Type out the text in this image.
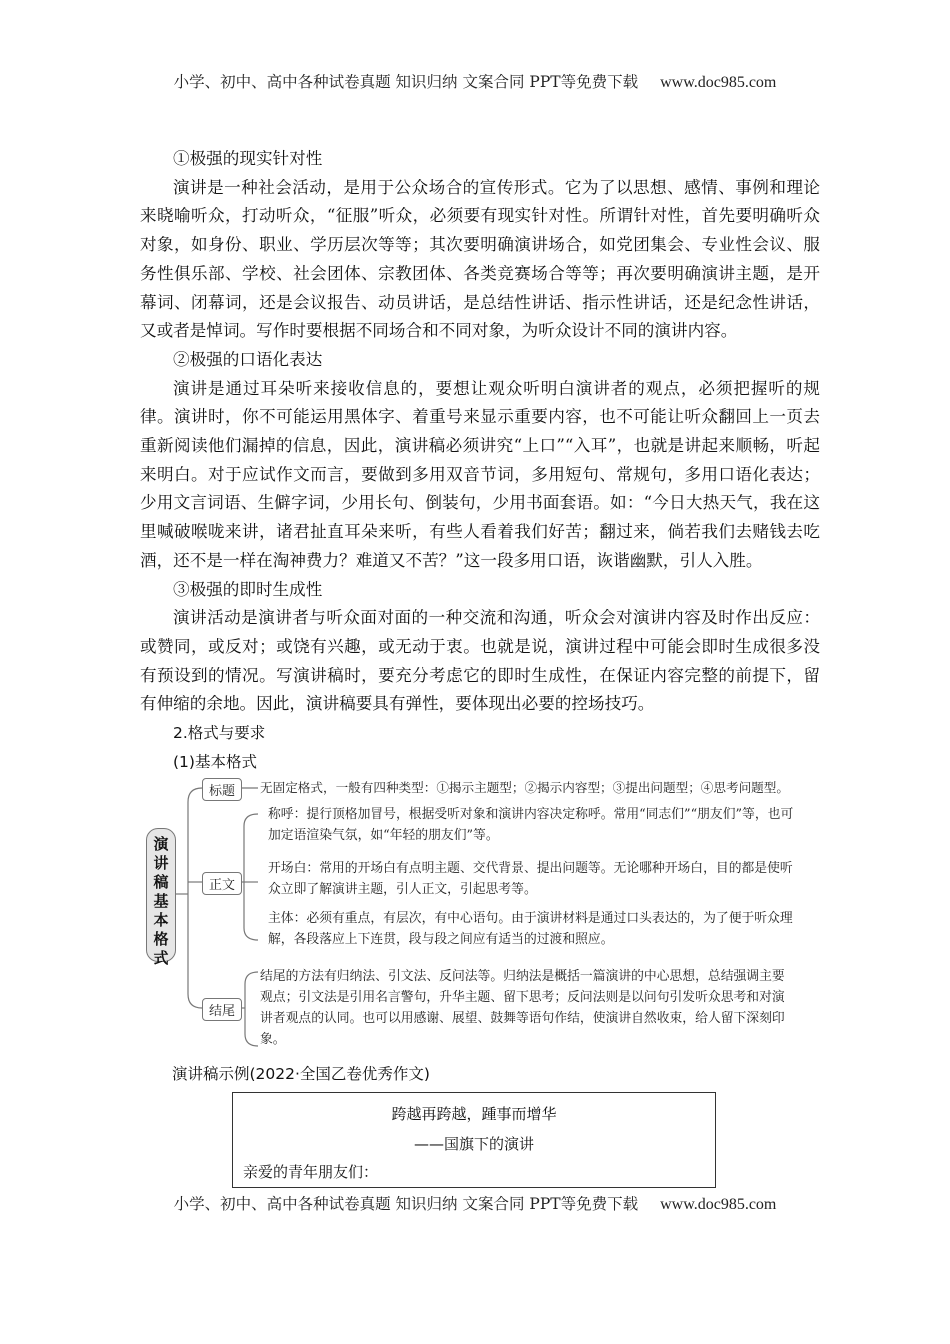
小学、初中、高中各种试卷真题 知识归纳 文案合同 PPT等免费下载 www.doc985.com

①极强的现实针对性

演讲是一种社会活动，是用于公众场合的宣传形式。它为了以思想、感情、事例和理论来晓喻听众，打动听众，“征服”听众，必须要有现实针对性。所谓针对性，首先要明确听众对象，如身份、职业、学历层次等等；其次要明确演讲场合，如党团集会、专业性会议、服务性俱乐部、学校、社会团体、宗教团体、各类竞赛场合等等；再次要明确演讲主题，是开幕词、闭幕词，还是会议报告、动员讲话，是总结性讲话、指示性讲话，还是纪念性讲话，又或者是悼词。写作时要根据不同场合和不同对象，为听众设计不同的演讲内容。

②极强的口语化表达

演讲是通过耳朵听来接收信息的，要想让观众听明白演讲者的观点，必须把握听的规律。演讲时，你不可能运用黑体字、着重号来显示重要内容，也不可能让听众翻回上一页去重新阅读他们漏掉的信息，因此，演讲稿必须讲究“上口”“入耳”，也就是讲起来顺畅，听起来明白。对于应试作文而言，要做到多用双音节词，多用短句、常规句，多用口语化表达；少用文言词语、生僻字词，少用长句、倒装句，少用书面套语。如：“今日大热天气，我在这里喊破喉咙来讲，诸君扯直耳朵来听，有些人看着我们好苦；翻过来，倘若我们去赌钱去吃酒，还不是一样在淘神费力？难道又不苦？”这一段多用口语，诙谐幽默，引人入胜。

③极强的即时生成性

演讲活动是演讲者与听众面对面的一种交流和沟通，听众会对演讲内容及时作出反应：或赞同，或反对；或饶有兴趣，或无动于衷。也就是说，演讲过程中可能会即时生成很多没有预设到的情况。写演讲稿时，要充分考虑它的即时生成性，在保证内容完整的前提下，留有伸缩的余地。因此，演讲稿要具有弹性，要体现出必要的控场技巧。

2.格式与要求

(1)基本格式

演
讲
稿
基
本
格
式
标题	无固定格式，一般有四种类型：①揭示主题型；②揭示内容型；③提出问题型；④思考问题型。
正文
称呼：提行顶格加冒号，根据受听对象和演讲内容决定称呼。常用“同志们”“朋友们”等，也可加定语渲染气氛，如“年轻的朋友们”等。
开场白：常用的开场白有点明主题、交代背景、提出问题等。无论哪种开场白，目的都是使听众立即了解演讲主题，引人正文，引起思考等。
主体：必须有重点，有层次，有中心语句。由于演讲材料是通过口头表达的，为了便于听众理解，各段落应上下连贯，段与段之间应有适当的过渡和照应。
结尾
结尾的方法有归纳法、引文法、反问法等。归纳法是概括一篇演讲的中心思想，总结强调主要观点；引文法是引用名言警句，升华主题、留下思考；反问法则是以问句引发听众思考和对演讲者观点的认同。也可以用感谢、展望、鼓舞等语句作结，使演讲自然收束，给人留下深刻印象。
演讲稿示例(2022·全国乙卷优秀作文)
跨越再跨越，踵事而增华
——国旗下的演讲
亲爱的青年朋友们：
小学、初中、高中各种试卷真题 知识归纳 文案合同 PPT等免费下载 www.doc985.com
